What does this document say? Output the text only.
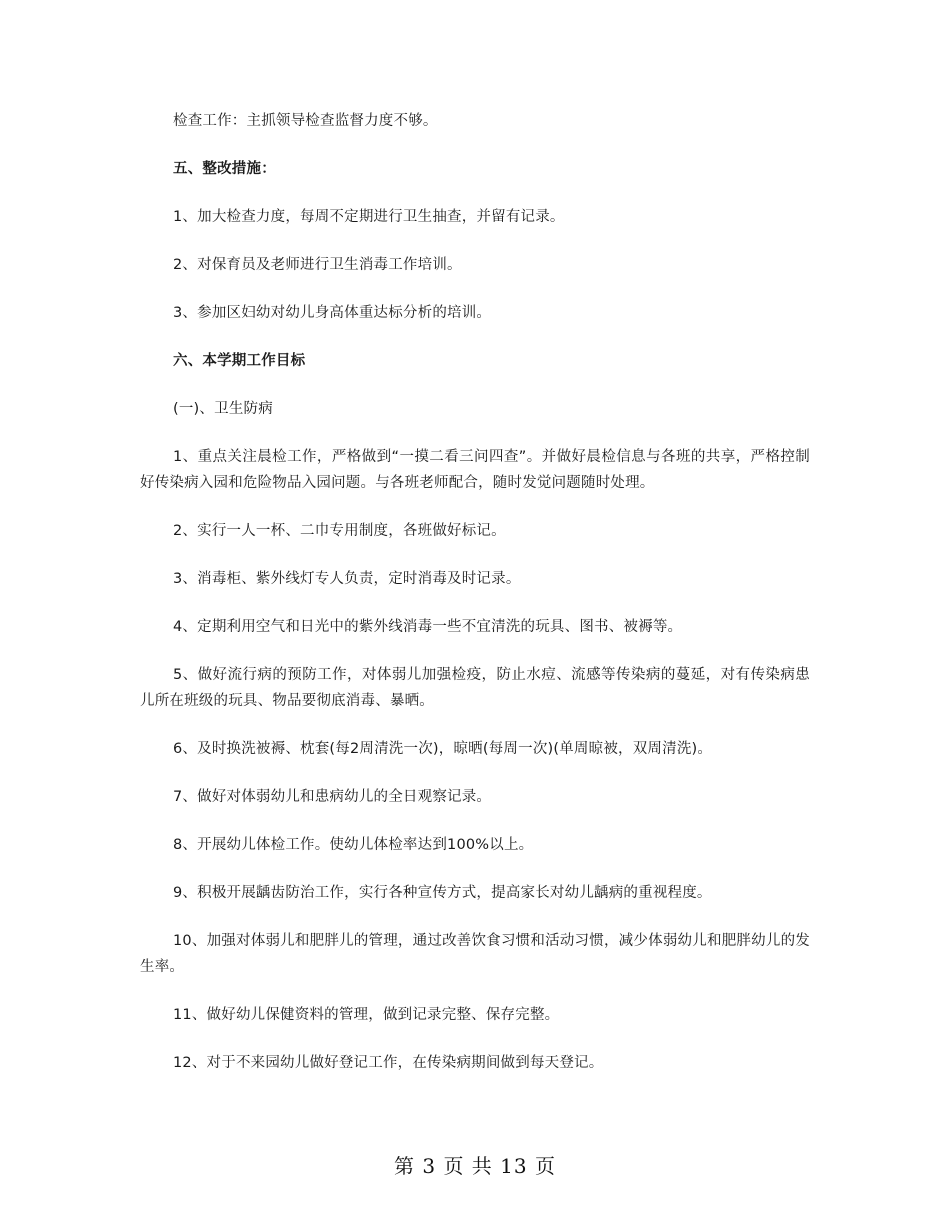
检查工作：主抓领导检查监督力度不够。

五、整改措施：

1、加大检查力度，每周不定期进行卫生抽查，并留有记录。

2、对保育员及老师进行卫生消毒工作培训。

3、参加区妇幼对幼儿身高体重达标分析的培训。

六、本学期工作目标

(一)、卫生防病

1、重点关注晨检工作，严格做到“一摸二看三问四查”。并做好晨检信息与各班的共享，严格控制好传染病入园和危险物品入园问题。与各班老师配合，随时发觉问题随时处理。

2、实行一人一杯、二巾专用制度，各班做好标记。

3、消毒柜、紫外线灯专人负责，定时消毒及时记录。

4、定期利用空气和日光中的紫外线消毒一些不宜清洗的玩具、图书、被褥等。

5、做好流行病的预防工作，对体弱儿加强检疫，防止水痘、流感等传染病的蔓延，对有传染病患儿所在班级的玩具、物品要彻底消毒、暴晒。

6、及时换洗被褥、枕套(每2周清洗一次)，晾晒(每周一次)(单周晾被，双周清洗)。

7、做好对体弱幼儿和患病幼儿的全日观察记录。

8、开展幼儿体检工作。使幼儿体检率达到100%以上。

9、积极开展龋齿防治工作，实行各种宣传方式，提高家长对幼儿龋病的重视程度。

10、加强对体弱儿和肥胖儿的管理，通过改善饮食习惯和活动习惯，减少体弱幼儿和肥胖幼儿的发生率。

11、做好幼儿保健资料的管理，做到记录完整、保存完整。

12、对于不来园幼儿做好登记工作，在传染病期间做到每天登记。

第 3 页 共 13 页
